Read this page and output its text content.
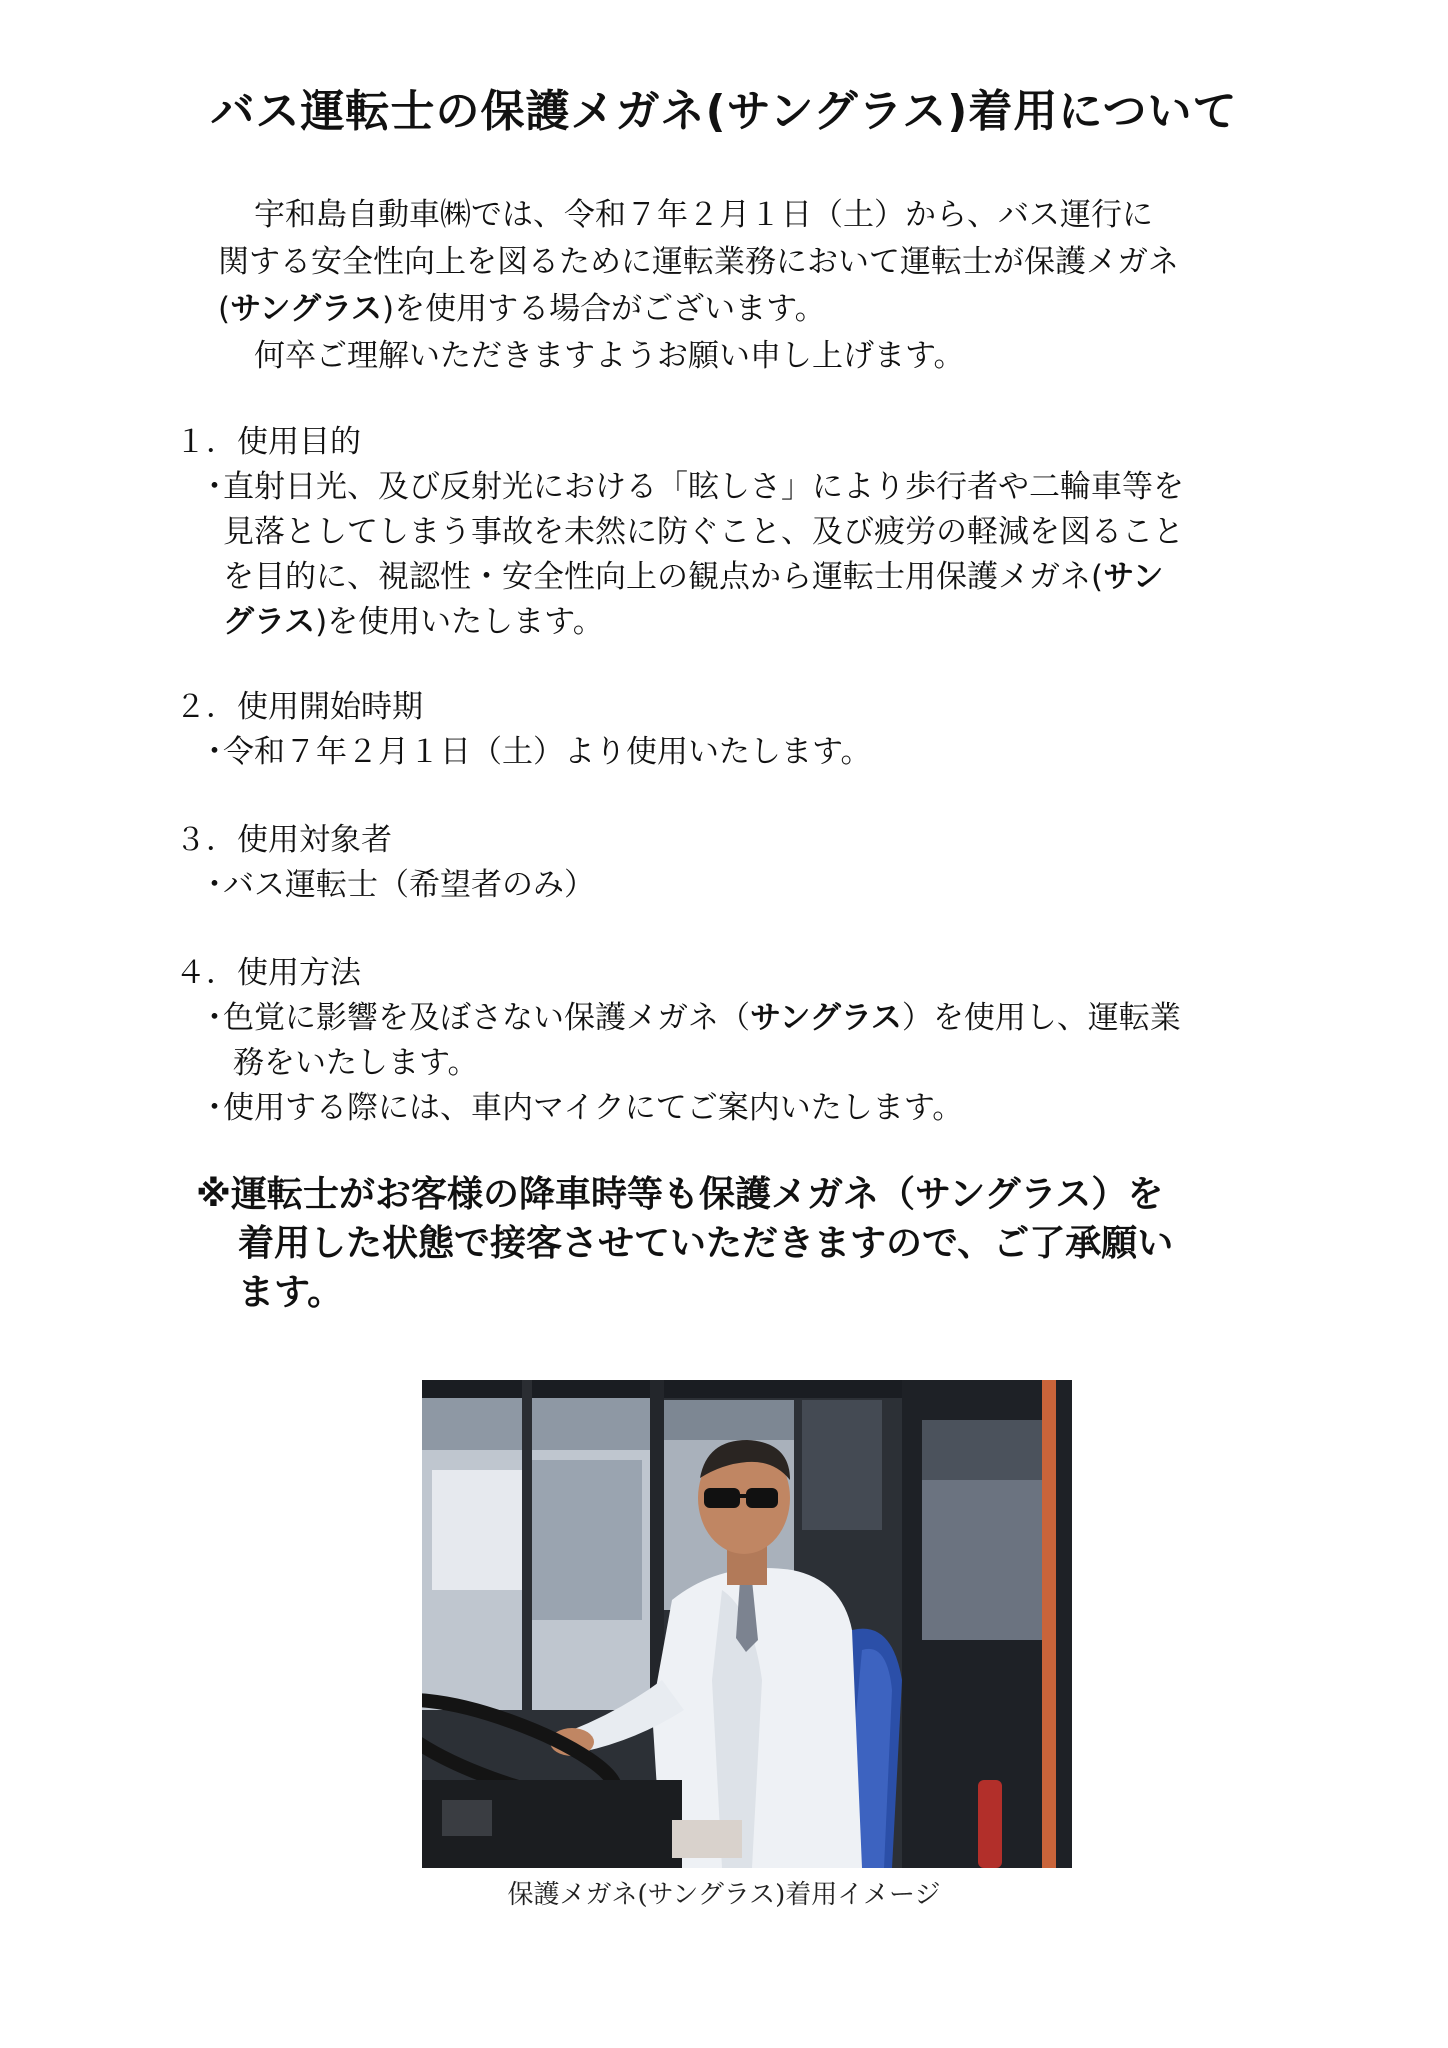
バス運転士の保護メガネ(サングラス)着用について

宇和島自動車㈱では、令和７年２月１日（土）から、バス運行に

関する安全性向上を図るために運転業務において運転士が保護メガネ

(サングラス)を使用する場合がございます。

何卒ご理解いただきますようお願い申し上げます。

１．使用目的

・直射日光、及び反射光における「眩しさ」により歩行者や二輪車等を

見落としてしまう事故を未然に防ぐこと、及び疲労の軽減を図ること

を目的に、視認性・安全性向上の観点から運転士用保護メガネ(サン

グラス)を使用いたします。

２．使用開始時期

・令和７年２月１日（土）より使用いたします。

３．使用対象者

・バス運転士（希望者のみ）

４．使用方法

・色覚に影響を及ぼさない保護メガネ（サングラス）を使用し、運転業

務をいたします。

・使用する際には、車内マイクにてご案内いたします。

※運転士がお客様の降車時等も保護メガネ（サングラス）を

着用した状態で接客させていただきますので、ご了承願い

ます。

保護メガネ(サングラス)着用イメージ
